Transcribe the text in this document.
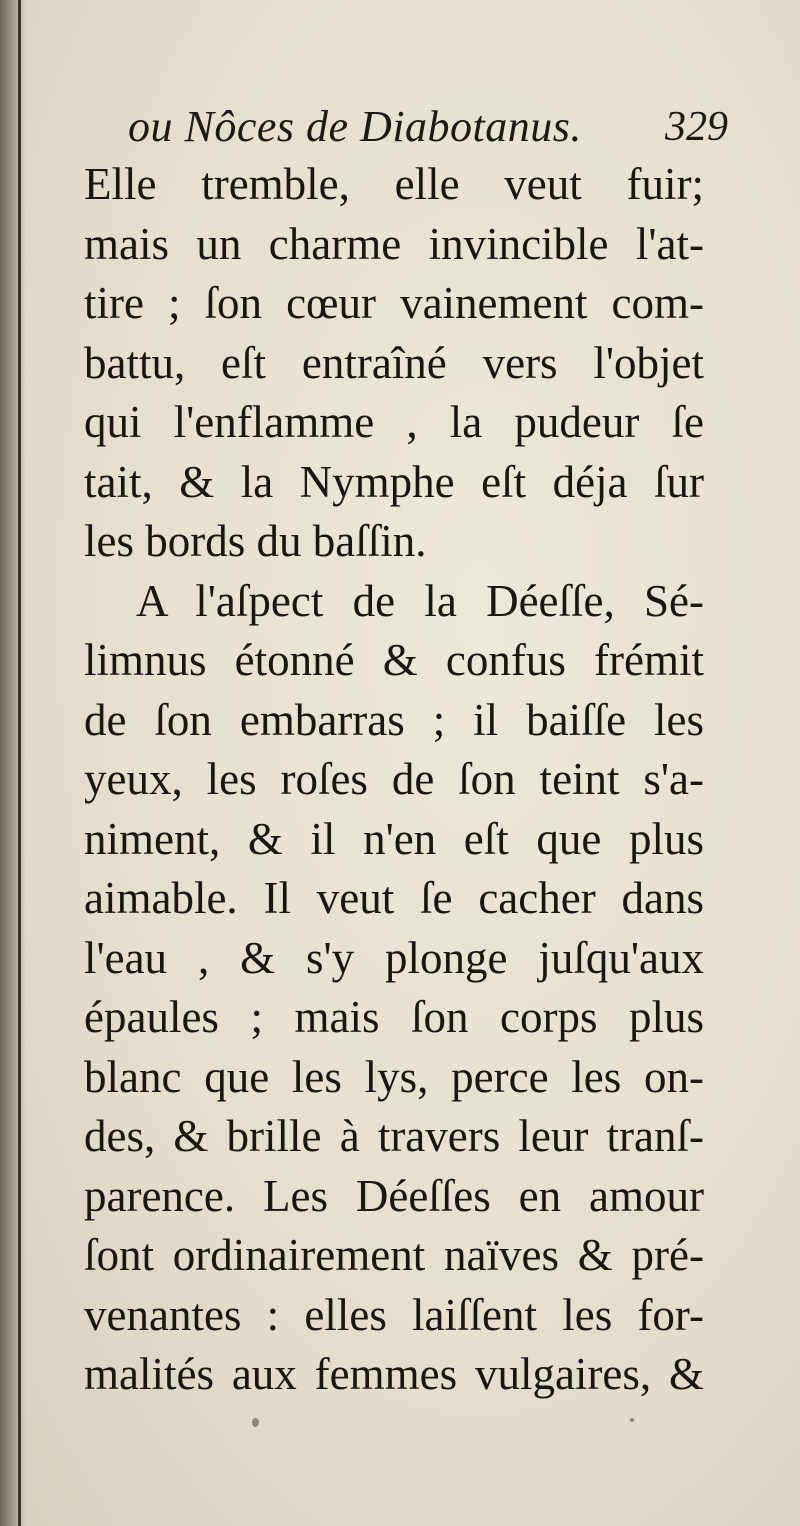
ou Nôces de Diabotanus. 329
Elle tremble, elle veut fuir;
mais un charme invincible l'at-
tire ; ſon cœur vainement com-
battu, eſt entraîné vers l'objet
qui l'enflamme , la pudeur ſe
tait, & la Nymphe eſt déja ſur
les bords du baſſin.
A l'aſpect de la Déeſſe, Sé-
limnus étonné & confus frémit
de ſon embarras ; il baiſſe les
yeux, les roſes de ſon teint s'a-
niment, & il n'en eſt que plus
aimable. Il veut ſe cacher dans
l'eau , & s'y plonge juſqu'aux
épaules ; mais ſon corps plus
blanc que les lys, perce les on-
des, & brille à travers leur tranſ-
parence. Les Déeſſes en amour
ſont ordinairement naïves & pré-
venantes : elles laiſſent les for-
malités aux femmes vulgaires, &
